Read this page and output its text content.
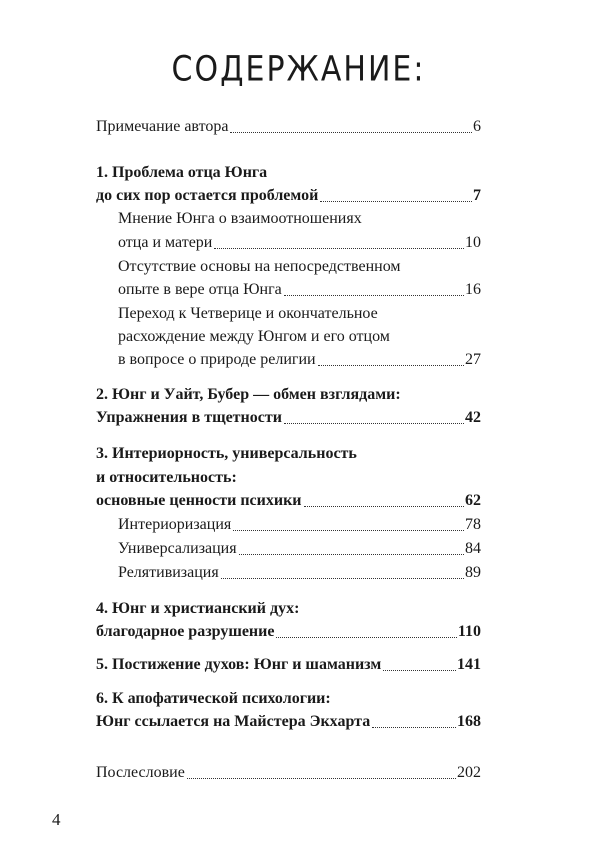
СОДЕРЖАНИЕ:
Примечание автора	6
1. Проблема отца Юнга
до сих пор остается проблемой	7
Мнение Юнга о взаимоотношениях
отца и матери	10
Отсутствие основы на непосредственном
опыте в вере отца Юнга	16
Переход к Четверице и окончательное
расхождение между Юнгом и его отцом
в вопросе о природе религии	27
2. Юнг и Уайт, Бубер — обмен взглядами:
Упражнения в тщетности	42
3. Интериорность, универсальность
и относительность:
основные ценности психики	62
Интериоризация	78
Универсализация	84
Релятивизация	89
4. Юнг и христианский дух:
благодарное разрушение	110
5. Постижение духов: Юнг и шаманизм	141
6. К апофатической психологии:
Юнг ссылается на Майстера Экхарта	168
Послесловие	202
4
